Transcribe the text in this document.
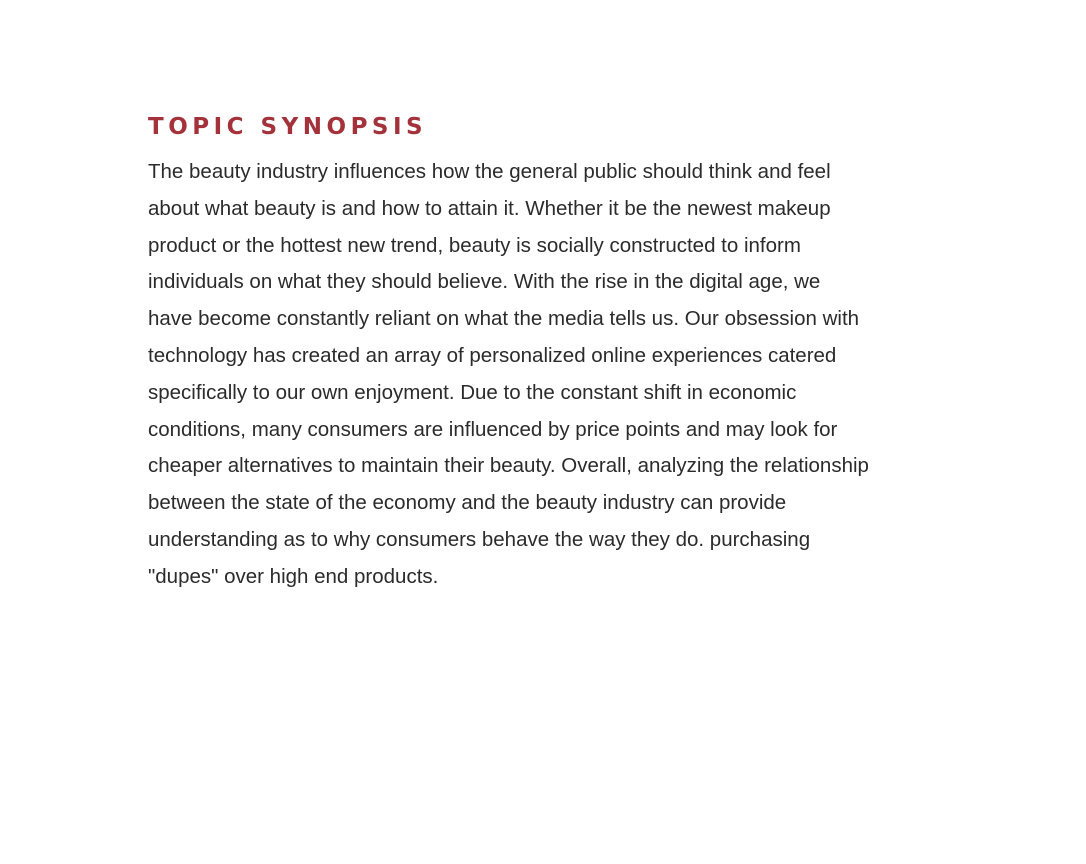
TOPIC SYNOPSIS
The beauty industry influences how the general public should think and feel
about what beauty is and how to attain it. Whether it be the newest makeup
product or the hottest new trend, beauty is socially constructed to inform
individuals on what they should believe. With the rise in the digital age, we
have become constantly reliant on what the media tells us. Our obsession with
technology has created an array of personalized online experiences catered
specifically to our own enjoyment. Due to the constant shift in economic
conditions, many consumers are influenced by price points and may look for
cheaper alternatives to maintain their beauty. Overall, analyzing the relationship
between the state of the economy and the beauty industry can provide
understanding as to why consumers behave the way they do. purchasing
"dupes" over high end products.
